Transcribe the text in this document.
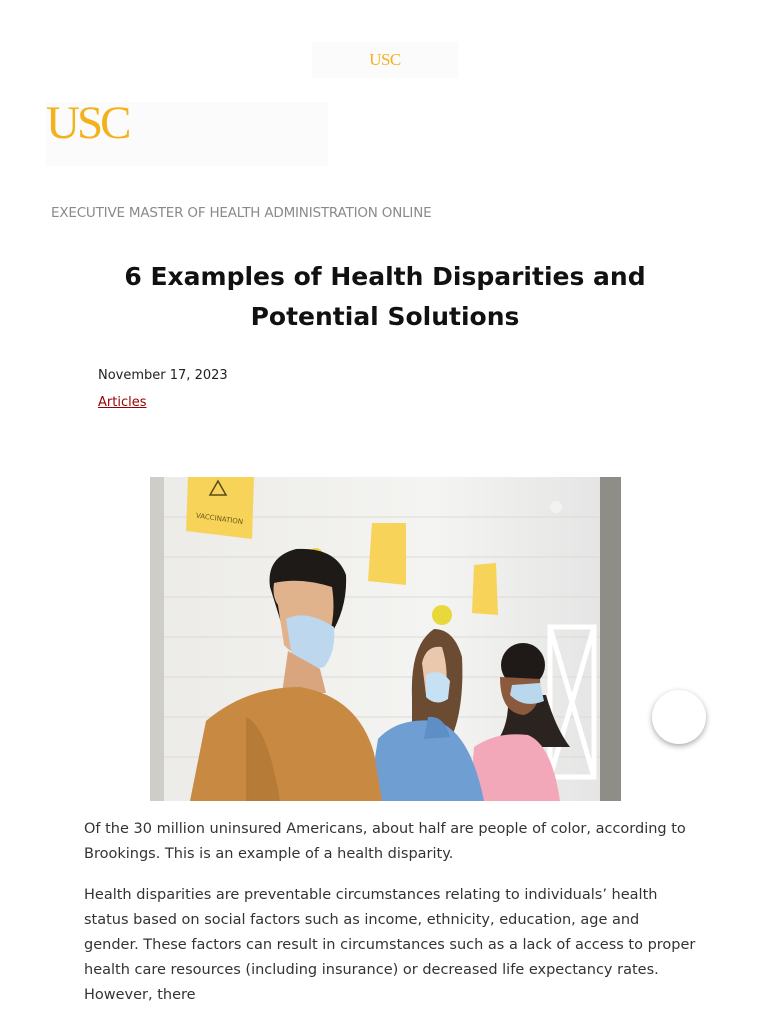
USC
USC
EXECUTIVE MASTER OF HEALTH ADMINISTRATION ONLINE
6 Examples of Health Disparities and Potential Solutions
November 17, 2023
Articles
VACCINATION

Of the 30 million uninsured Americans, about half are people of color, according to Brookings. This is an example of a health disparity.

Health disparities are preventable circumstances relating to individuals’ health status based on social factors such as income, ethnicity, education, age and gender. These factors can result in circumstances such as a lack of access to proper health care resources (including insurance) or decreased life expectancy rates. However, there
